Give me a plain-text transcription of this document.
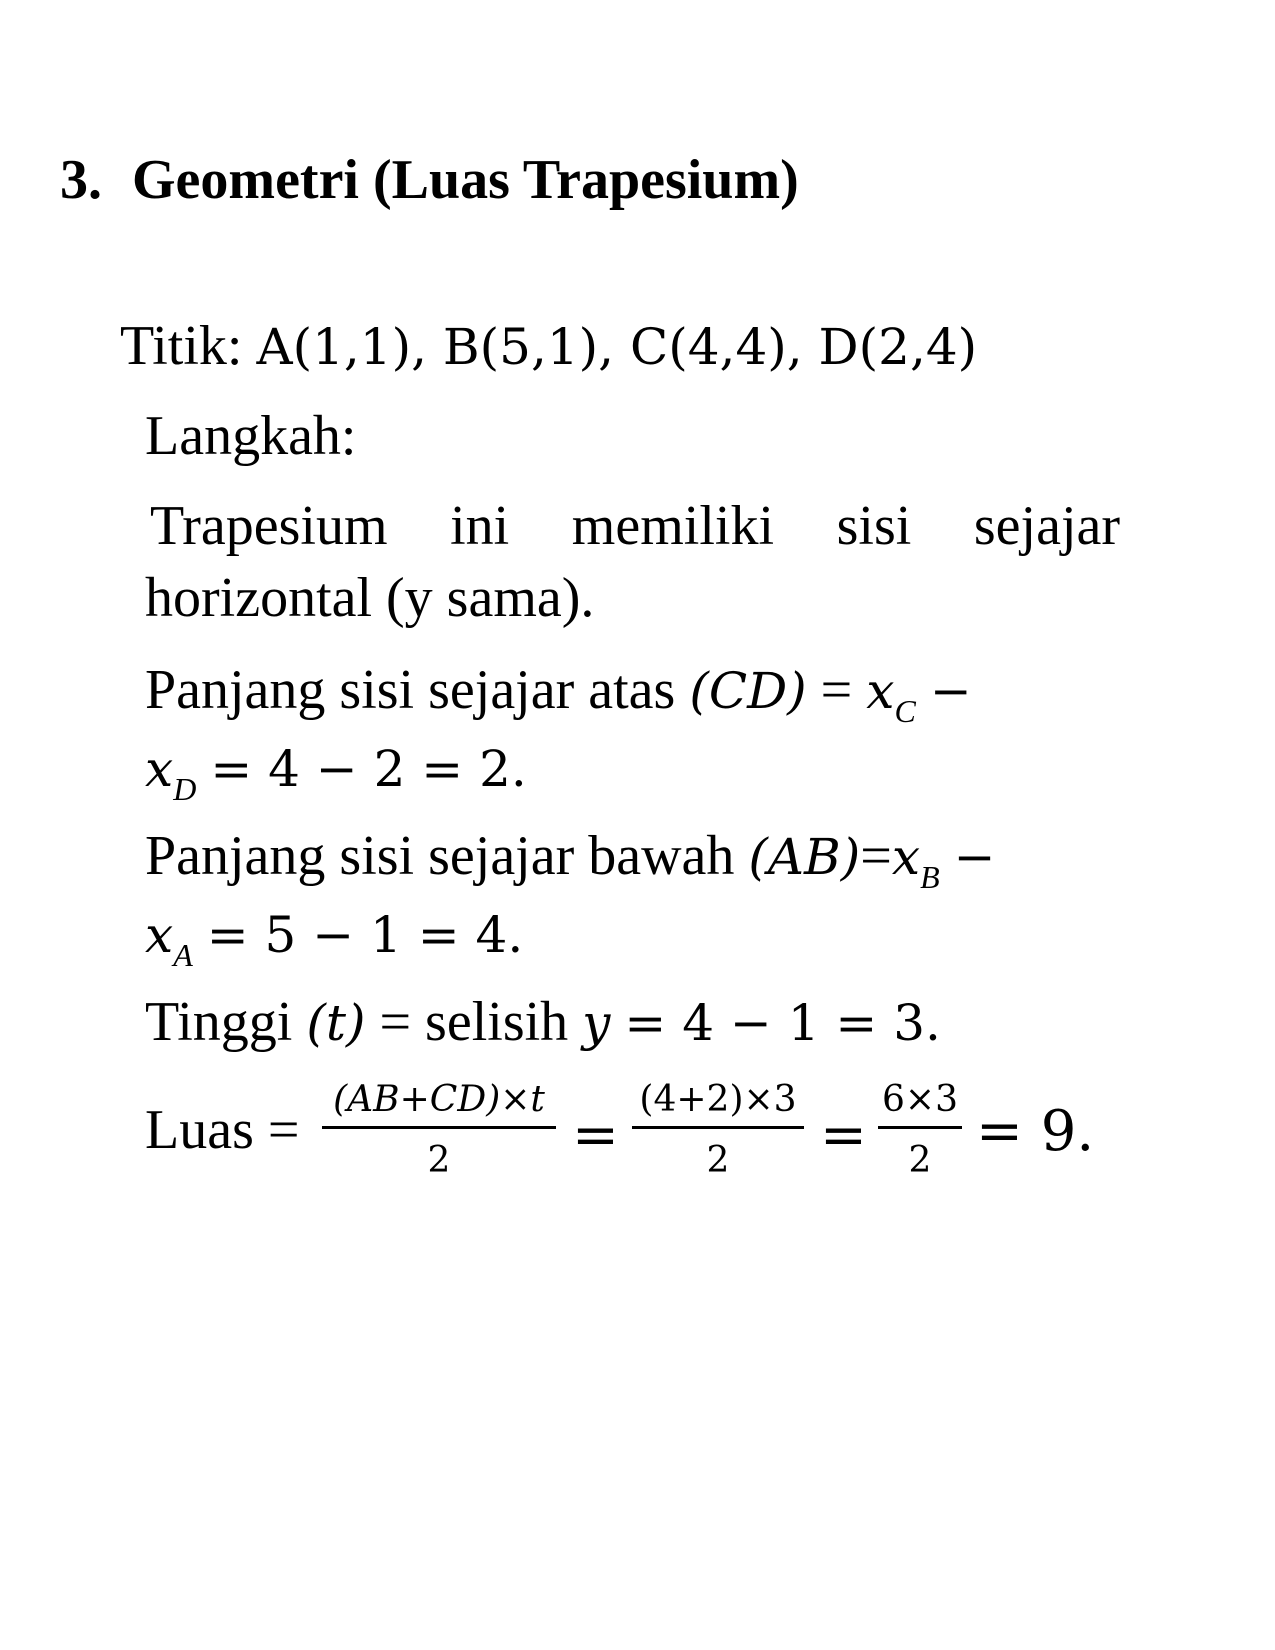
3. Geometri (Luas Trapesium)
Titik: A(1,1), B(5,1), C(4,4), D(2,4)
Langkah:
Trapesium ini memiliki sisi sejajar
horizontal (y sama).
Panjang sisi sejajar atas $(CD) = x_C$ −
$x_D = 4 - 2 = 2$.
Panjang sisi sejajar bawah $(AB)=x_B$ −
$x_A = 5 - 1 = 4$.
Tinggi (t) = selisih y = 4 − 1 = 3.
Luas = (AB+CD)×t
2	=
(4+2)×3
2	=
6×3
2 = 9.
